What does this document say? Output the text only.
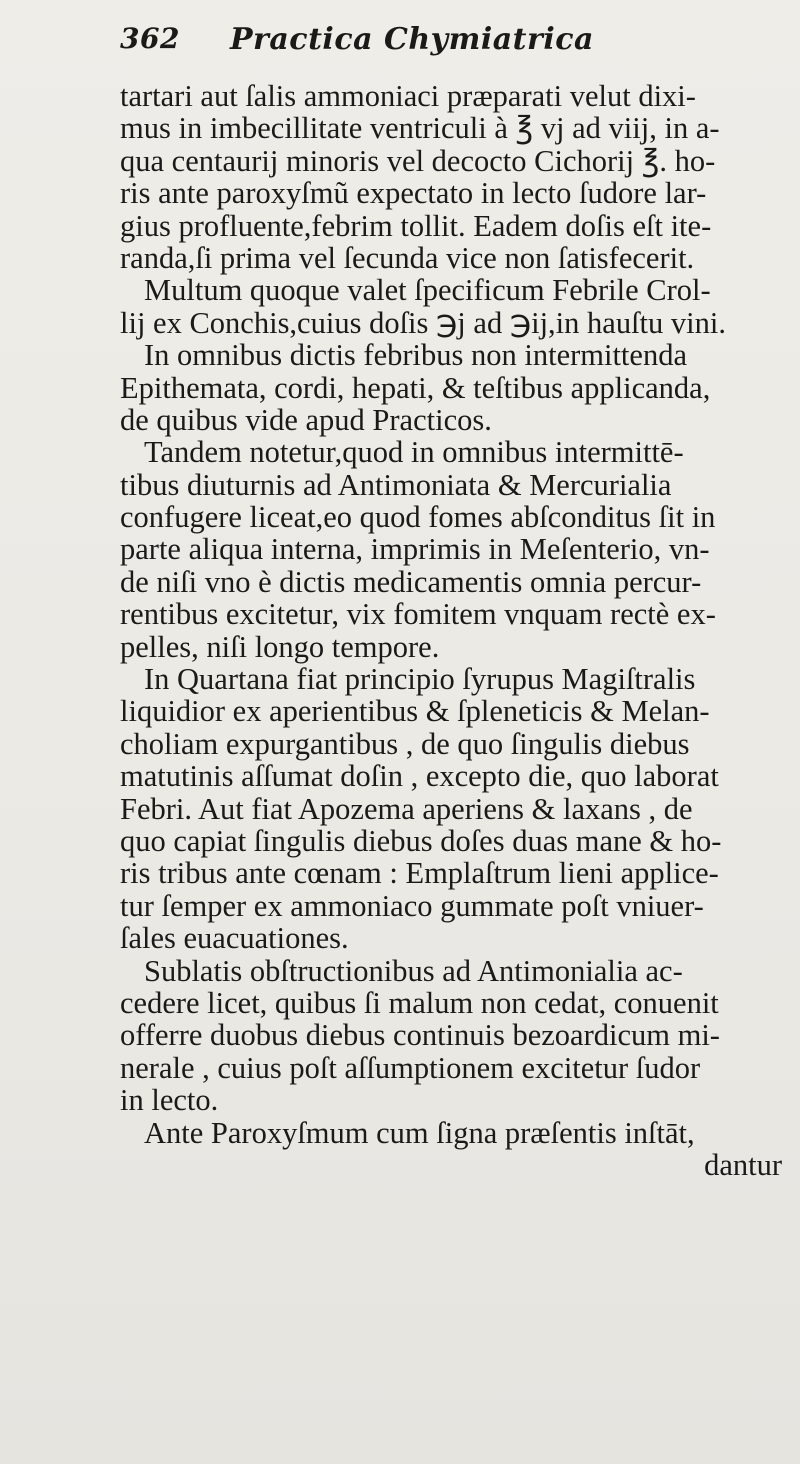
362 Practica Chymiatrica
tartari aut ſalis ammoniaci præparati velut dixi-
mus in imbecillitate ventriculi à ℥ vj ad viij, in a-
qua centaurij minoris vel decocto Cichorij ℥. ho-
ris ante paroxyſmũ expectato in lecto ſudore lar-
gius profluente,febrim tollit. Eadem doſis eſt ite-
randa,ſi prima vel ſecunda vice non ſatisfecerit.
Multum quoque valet ſpecificum Febrile Crol-
lij ex Conchis,cuius doſis ℈j ad ℈ij,in hauſtu vini.
In omnibus dictis febribus non intermittenda
Epithemata, cordi, hepati, & teſtibus applicanda,
de quibus vide apud Practicos.
Tandem notetur,quod in omnibus intermittē-
tibus diuturnis ad Antimoniata & Mercurialia
confugere liceat,eo quod fomes abſconditus ſit in
parte aliqua interna, imprimis in Meſenterio, vn-
de niſi vno è dictis medicamentis omnia percur-
rentibus excitetur, vix fomitem vnquam rectè ex-
pelles, niſi longo tempore.
In Quartana fiat principio ſyrupus Magiſtralis
liquidior ex aperientibus & ſpleneticis & Melan-
choliam expurgantibus , de quo ſingulis diebus
matutinis aſſumat doſin , excepto die, quo laborat
Febri. Aut fiat Apozema aperiens & laxans , de
quo capiat ſingulis diebus doſes duas mane & ho-
ris tribus ante cœnam : Emplaſtrum lieni applice-
tur ſemper ex ammoniaco gummate poſt vniuer-
ſales euacuationes.
Sublatis obſtructionibus ad Antimonialia ac-
cedere licet, quibus ſi malum non cedat, conuenit
offerre duobus diebus continuis bezoardicum mi-
nerale , cuius poſt aſſumptionem excitetur ſudor
in lecto.
Ante Paroxyſmum cum ſigna præſentis inſtāt,
dantur
